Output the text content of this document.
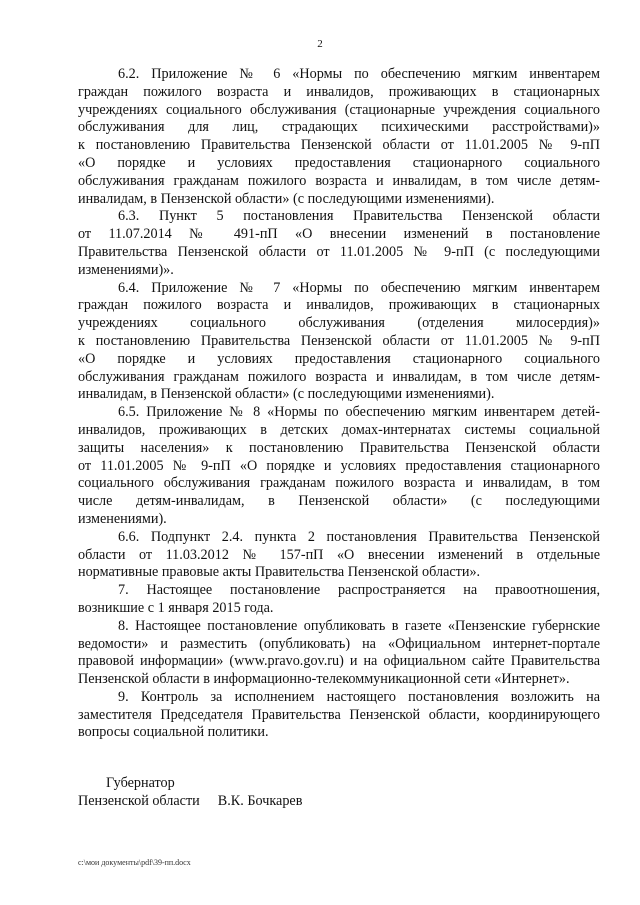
2
6.2. Приложение № 6 «Нормы по обеспечению мягким инвентарем
граждан пожилого возраста и инвалидов, проживающих в стационарных
учреждениях социального обслуживания (стационарные учреждения социального
обслуживания для лиц, страдающих психическими расстройствами)»
к постановлению Правительства Пензенской области от 11.01.2005 № 9-пП
«О порядке и условиях предоставления стационарного социального
обслуживания гражданам пожилого возраста и инвалидам, в том числе детям-
инвалидам, в Пензенской области» (с последующими изменениями).
6.3. Пункт 5 постановления Правительства Пензенской области
от 11.07.2014 № 491-пП «О внесении изменений в постановление
Правительства Пензенской области от 11.01.2005 № 9-пП (с последующими
изменениями)».
6.4. Приложение № 7 «Нормы по обеспечению мягким инвентарем
граждан пожилого возраста и инвалидов, проживающих в стационарных
учреждениях социального обслуживания (отделения милосердия)»
к постановлению Правительства Пензенской области от 11.01.2005 № 9-пП
«О порядке и условиях предоставления стационарного социального
обслуживания гражданам пожилого возраста и инвалидам, в том числе детям-
инвалидам, в Пензенской области» (с последующими изменениями).
6.5. Приложение № 8 «Нормы по обеспечению мягким инвентарем детей-
инвалидов, проживающих в детских домах-интернатах системы социальной
защиты населения» к постановлению Правительства Пензенской области
от 11.01.2005 № 9-пП «О порядке и условиях предоставления стационарного
социального обслуживания гражданам пожилого возраста и инвалидам, в том
числе детям-инвалидам, в Пензенской области» (с последующими
изменениями).
6.6. Подпункт 2.4. пункта 2 постановления Правительства Пензенской
области от 11.03.2012 № 157-пП «О внесении изменений в отдельные
нормативные правовые акты Правительства Пензенской области».
7. Настоящее постановление распространяется на правоотношения,
возникшие с 1 января 2015 года.
8. Настоящее постановление опубликовать в газете «Пензенские губернские
ведомости» и разместить (опубликовать) на «Официальном интернет-портале
правовой информации» (www.pravo.gov.ru) и на официальном сайте Правительства
Пензенской области в информационно-телекоммуникационной сети «Интернет».
9. Контроль за исполнением настоящего постановления возложить на
заместителя Председателя Правительства Пензенской области, координирующего
вопросы социальной политики.
Губернатор
Пензенской области В.К. Бочкарев
c:\мои документы\pdf\39-пп.docx
